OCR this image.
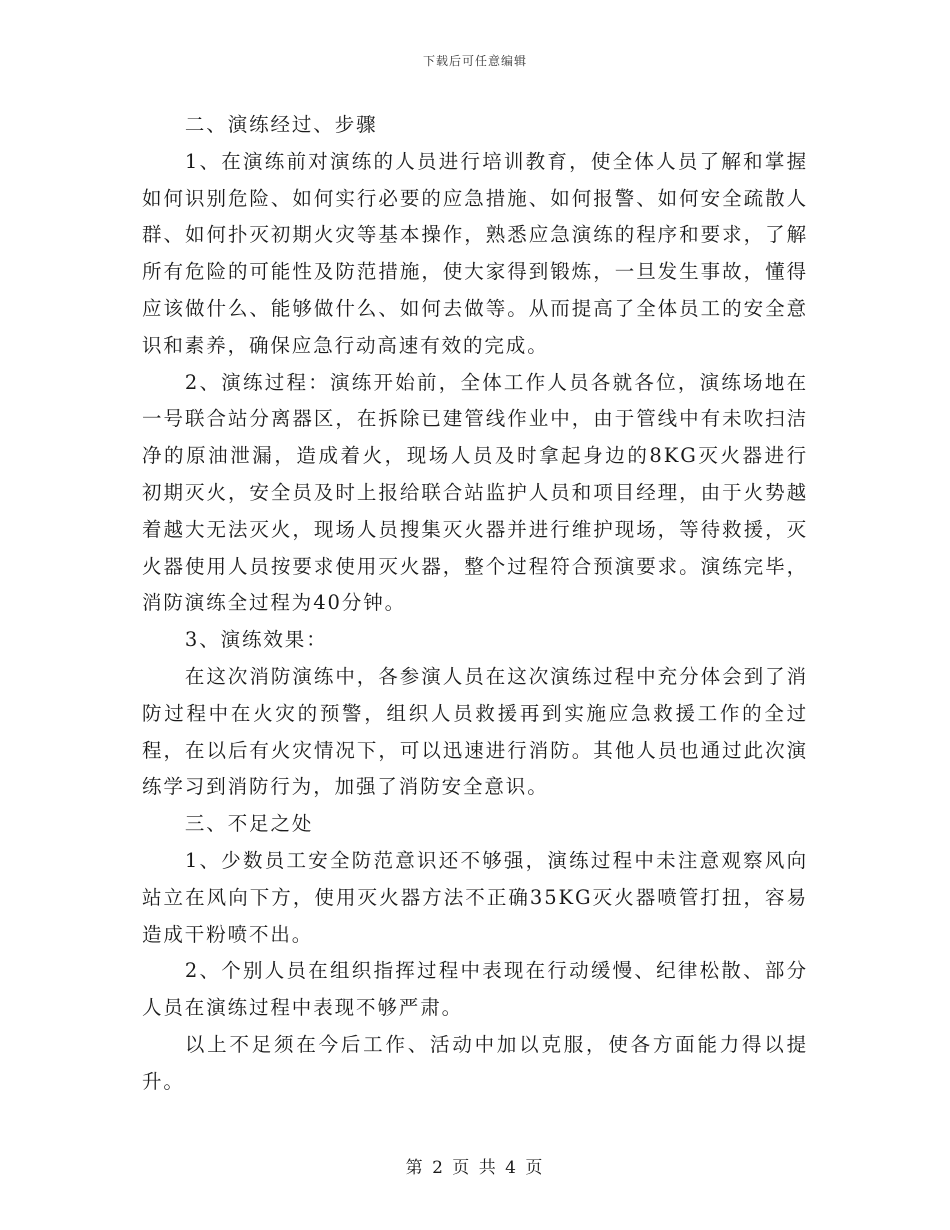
下载后可任意编辑

二、演练经过、步骤

1、在演练前对演练的人员进行培训教育，使全体人员了解和掌握如何识别危险、如何实行必要的应急措施、如何报警、如何安全疏散人群、如何扑灭初期火灾等基本操作，熟悉应急演练的程序和要求，了解所有危险的可能性及防范措施，使大家得到锻炼，一旦发生事故，懂得应该做什么、能够做什么、如何去做等。从而提高了全体员工的安全意识和素养，确保应急行动高速有效的完成。

2、演练过程：演练开始前，全体工作人员各就各位，演练场地在一号联合站分离器区，在拆除已建管线作业中，由于管线中有未吹扫洁净的原油泄漏，造成着火，现场人员及时拿起身边的8KG灭火器进行初期灭火，安全员及时上报给联合站监护人员和项目经理，由于火势越着越大无法灭火，现场人员搜集灭火器并进行维护现场，等待救援，灭火器使用人员按要求使用灭火器，整个过程符合预演要求。演练完毕，消防演练全过程为40分钟。

3、演练效果：

在这次消防演练中，各参演人员在这次演练过程中充分体会到了消防过程中在火灾的预警，组织人员救援再到实施应急救援工作的全过程，在以后有火灾情况下，可以迅速进行消防。其他人员也通过此次演练学习到消防行为，加强了消防安全意识。

三、不足之处

1、少数员工安全防范意识还不够强，演练过程中未注意观察风向站立在风向下方，使用灭火器方法不正确35KG灭火器喷管打扭，容易造成干粉喷不出。

2、个别人员在组织指挥过程中表现在行动缓慢、纪律松散、部分人员在演练过程中表现不够严肃。

以上不足须在今后工作、活动中加以克服，使各方面能力得以提升。

第 2 页 共 4 页
